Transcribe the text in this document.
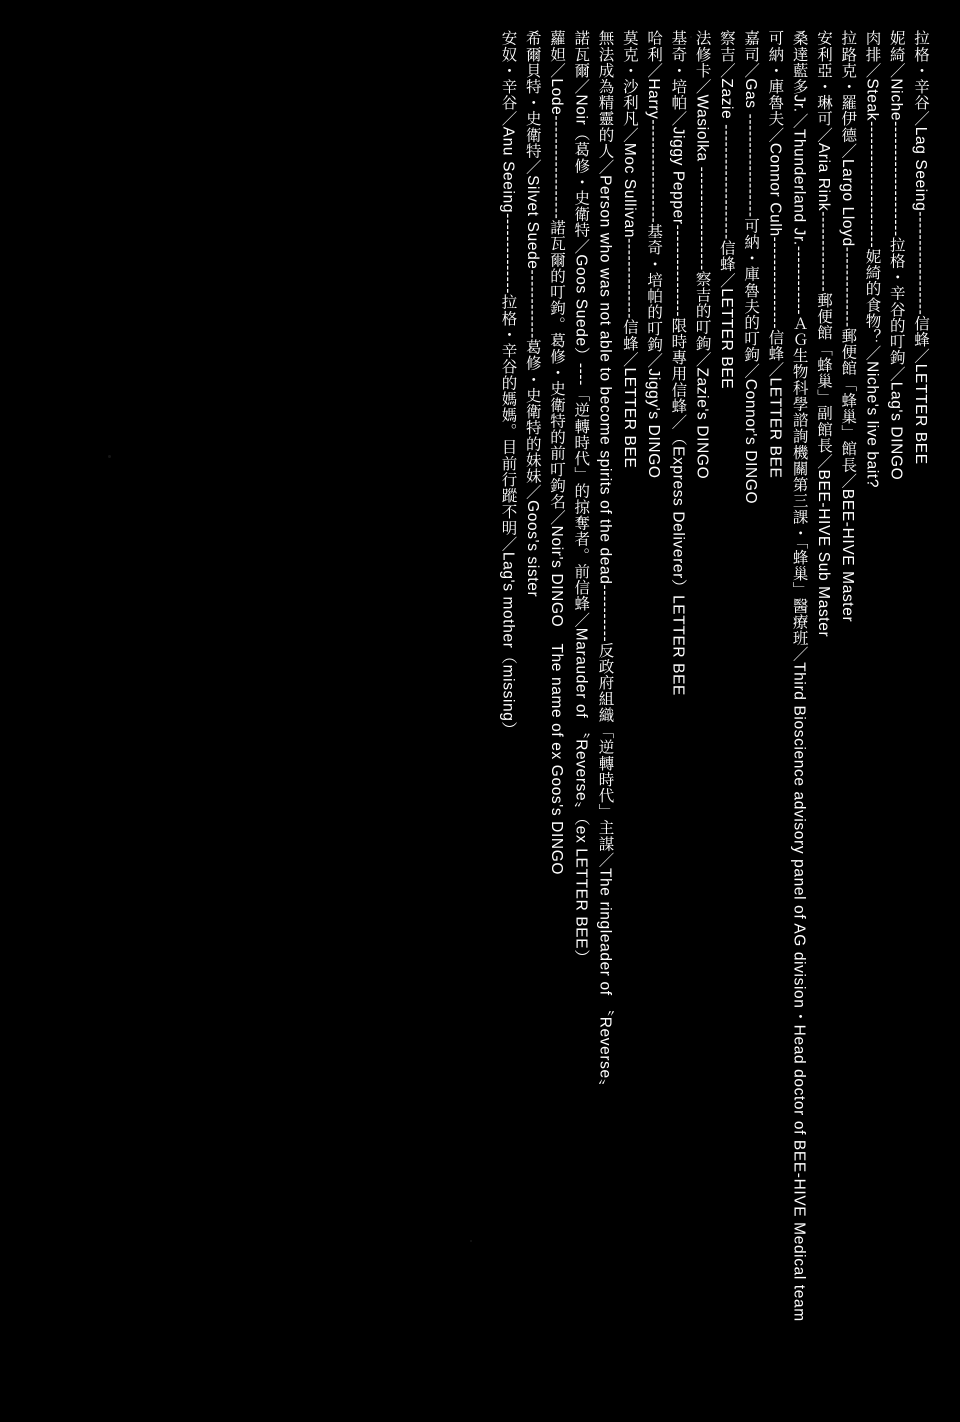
拉格・辛谷／Lag Seeing------------------信蜂／LETTER BEE
妮綺／Niche--------------------拉格・辛谷的叮鉤／Lag's DINGO
肉排／Steak----------------------妮綺的食物？／Niche's live bait?
拉路克・羅伊德／Largo Lloyd--------------郵便館「蜂巢」館長／BEE-HIVE Master
安利亞・琳可／Aria Rink--------------郵便館「蜂巢」副館長／BEE-HIVE Sub Master
桑達藍多Jr.／Thunderland Jr.------------ＡＧ生物科學諮詢機關第三課・「蜂巢」醫療班／Third Bioscience advisory panel of AG division・Head doctor of BEE-HIVE Medical team
可納・庫魯夫／Connor Culh----------------信蜂／LETTER BEE
嘉司／Gas ------------------可納・庫魯夫的叮鉤／Connor's DINGO
察吉／Zazie --------------------信蜂／LETTER BEE
法修卡／Wasiolka ------------------察吉的叮鉤／Zazie's DINGO
基奇・培帕／Jiggy Pepper----------------限時專用信蜂／（Express Deliverer）LETTER BEE
哈利／Harry------------------基奇・培帕的叮鉤／Jiggy's DINGO
莫克・沙利凡／Moc Sullivan--------------信蜂／LETTER BEE
無法成為精靈的人／Person who was not able to become spirits of the dead----------反政府組織「逆轉時代」主謀／The ringleader of 〝Reverse〟
諾瓦爾／Noir（葛修・史衛特／Goos Suede）----「逆轉時代」的掠奪者。前信蜂／Marauder of 〝Reverse〟（ex LETTER BEE）
蘿妲／Lode------------------諾瓦爾的叮鉤。葛修・史衛特的前叮鉤名／Noir's DINGO　The name of ex Goos's DINGO
希爾貝特・史衛特／Silvet Suede------------葛修・史衛特的妹妹／Goos's sister
安奴・辛谷／Anu Seeing--------------拉格・辛谷的媽媽。目前行蹤不明／Lag's mother（missing）
